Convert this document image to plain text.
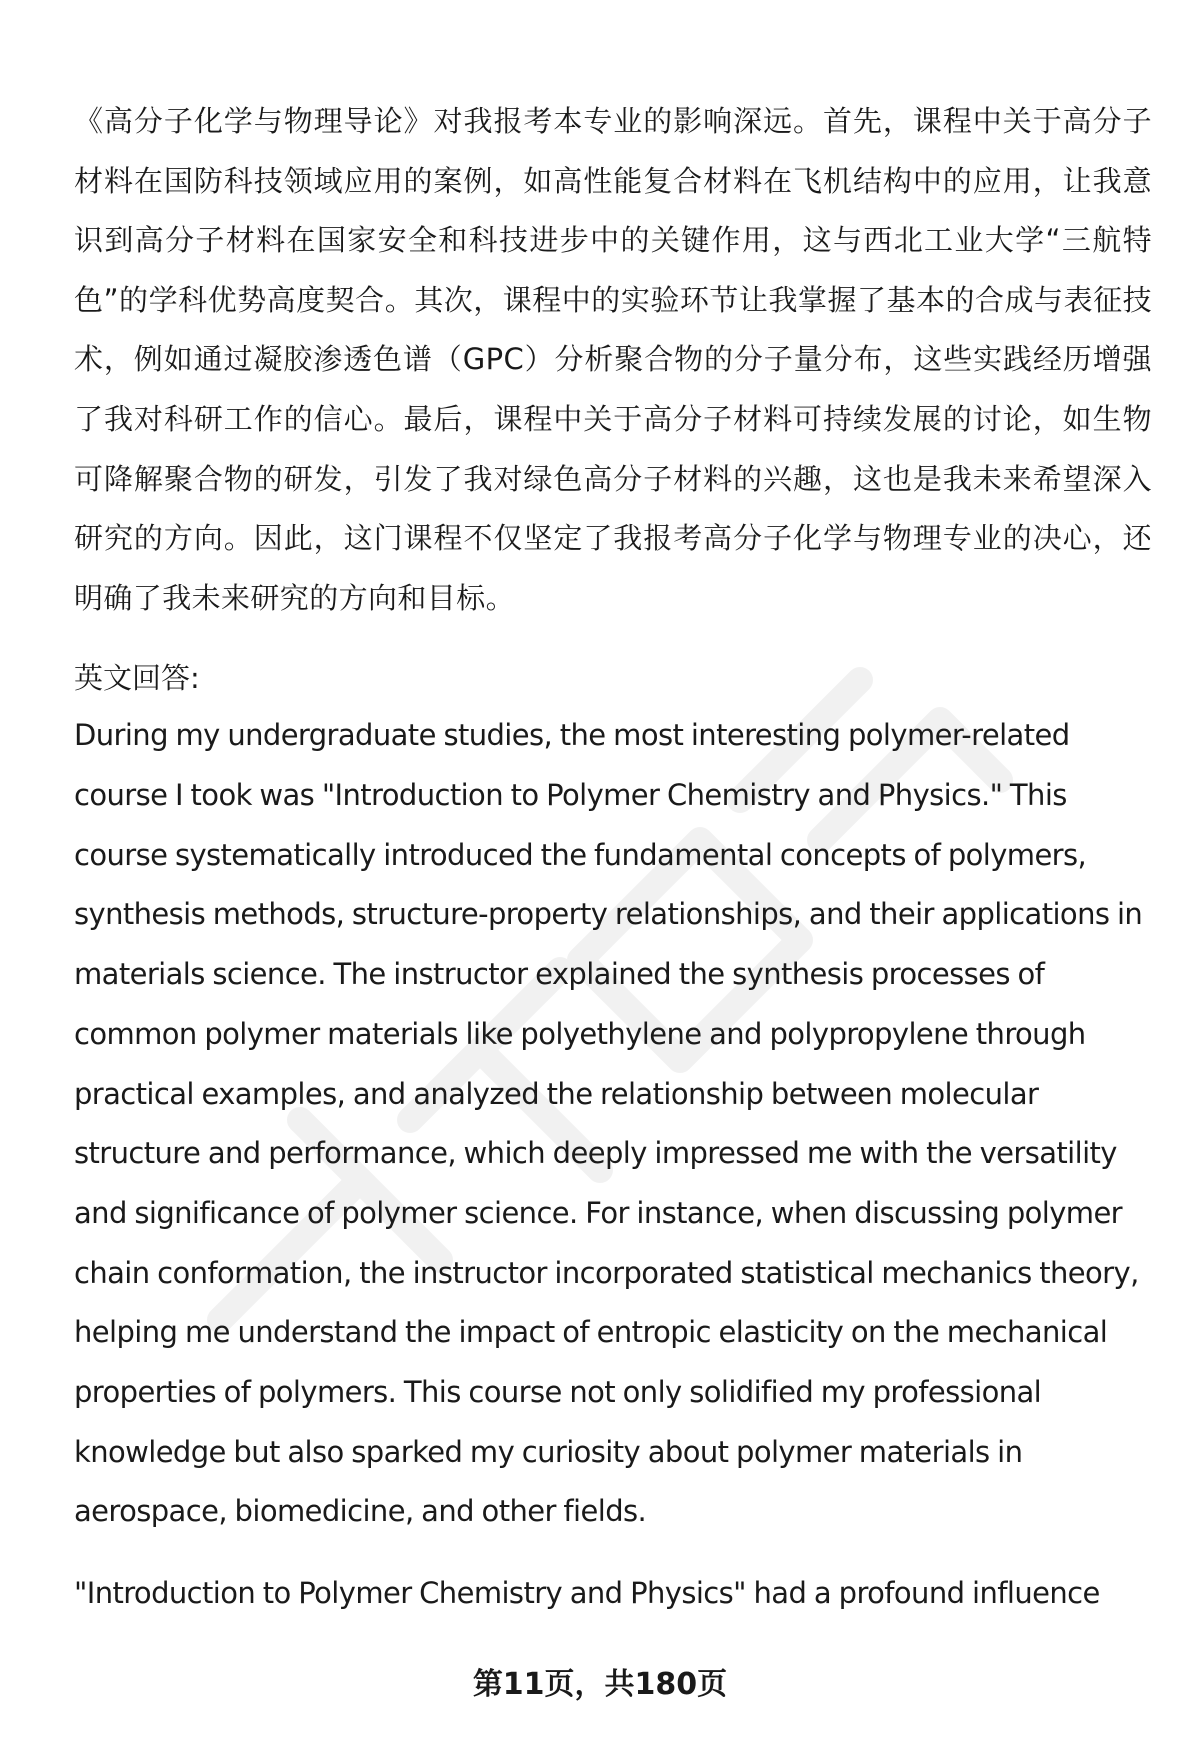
《高分子化学与物理导论》对我报考本专业的影响深远。首先，课程中关于高分子材料在国防科技领域应用的案例，如高性能复合材料在飞机结构中的应用，让我意识到高分子材料在国家安全和科技进步中的关键作用，这与西北工业大学“三航特色”的学科优势高度契合。其次，课程中的实验环节让我掌握了基本的合成与表征技术，例如通过凝胶渗透色谱（GPC）分析聚合物的分子量分布，这些实践经历增强了我对科研工作的信心。最后，课程中关于高分子材料可持续发展的讨论，如生物可降解聚合物的研发，引发了我对绿色高分子材料的兴趣，这也是我未来希望深入研究的方向。因此，这门课程不仅坚定了我报考高分子化学与物理专业的决心，还明确了我未来研究的方向和目标。

英文回答:

During my undergraduate studies, the most interesting polymer-related course I took was "Introduction to Polymer Chemistry and Physics." This course systematically introduced the fundamental concepts of polymers, synthesis methods, structure-property relationships, and their applications in materials science. The instructor explained the synthesis processes of common polymer materials like polyethylene and polypropylene through practical examples, and analyzed the relationship between molecular structure and performance, which deeply impressed me with the versatility and significance of polymer science. For instance, when discussing polymer chain conformation, the instructor incorporated statistical mechanics theory, helping me understand the impact of entropic elasticity on the mechanical properties of polymers. This course not only solidified my professional knowledge but also sparked my curiosity about polymer materials in aerospace, biomedicine, and other fields.

"Introduction to Polymer Chemistry and Physics" had a profound influence

第11页，共180页
